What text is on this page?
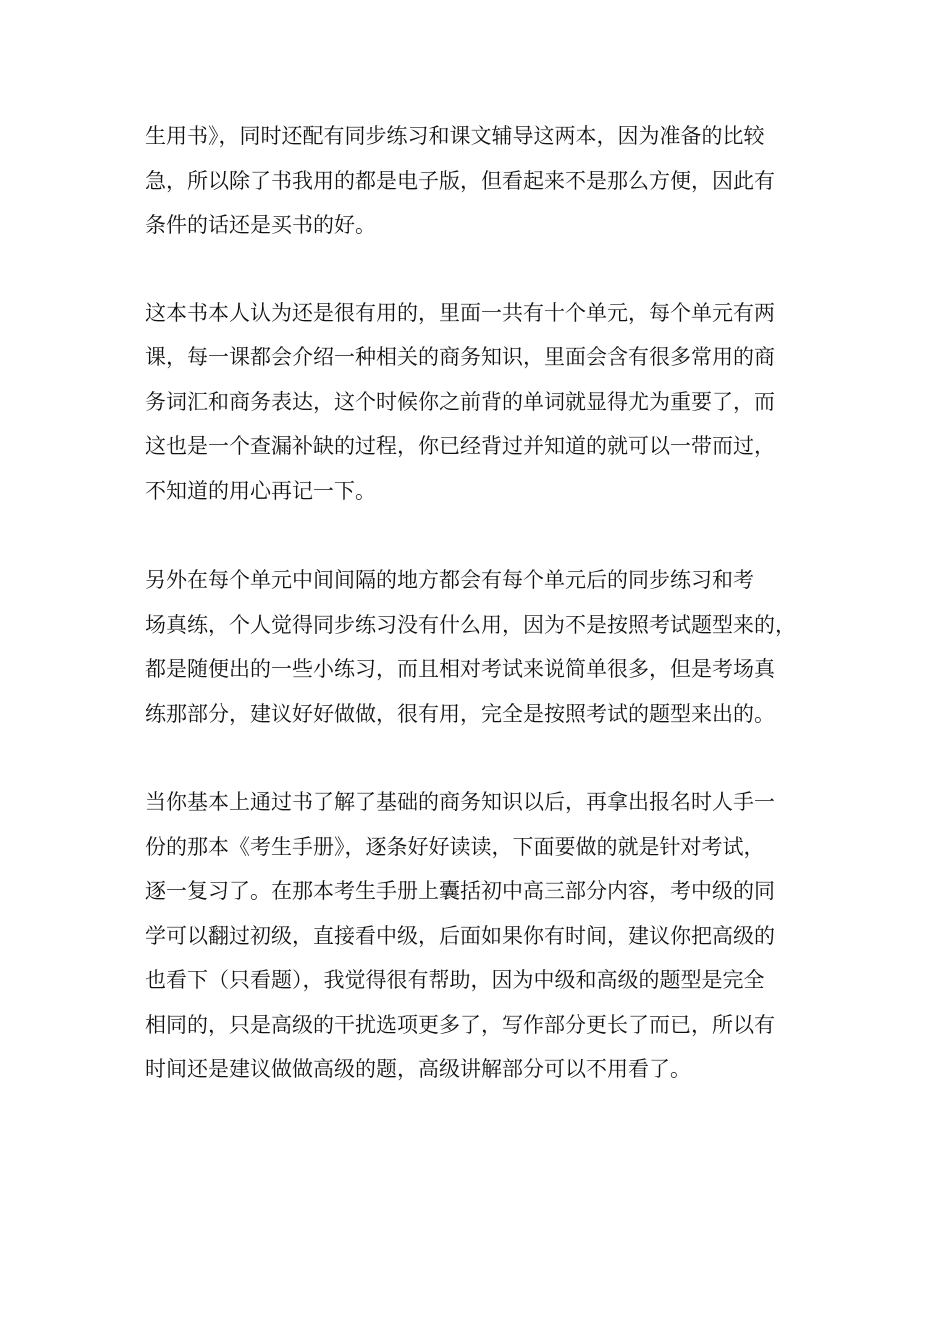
生用书》，同时还配有同步练习和课文辅导这两本，因为准备的比较
急，所以除了书我用的都是电子版，但看起来不是那么方便，因此有
条件的话还是买书的好。

这本书本人认为还是很有用的，里面一共有十个单元，每个单元有两
课，每一课都会介绍一种相关的商务知识，里面会含有很多常用的商
务词汇和商务表达，这个时候你之前背的单词就显得尤为重要了，而
这也是一个查漏补缺的过程，你已经背过并知道的就可以一带而过，
不知道的用心再记一下。

另外在每个单元中间间隔的地方都会有每个单元后的同步练习和考
场真练，个人觉得同步练习没有什么用，因为不是按照考试题型来的，
都是随便出的一些小练习，而且相对考试来说简单很多，但是考场真
练那部分，建议好好做做，很有用，完全是按照考试的题型来出的。

当你基本上通过书了解了基础的商务知识以后，再拿出报名时人手一
份的那本《考生手册》，逐条好好读读，下面要做的就是针对考试，
逐一复习了。在那本考生手册上囊括初中高三部分内容，考中级的同
学可以翻过初级，直接看中级，后面如果你有时间，建议你把高级的
也看下（只看题），我觉得很有帮助，因为中级和高级的题型是完全
相同的，只是高级的干扰选项更多了，写作部分更长了而已，所以有
时间还是建议做做高级的题，高级讲解部分可以不用看了。
